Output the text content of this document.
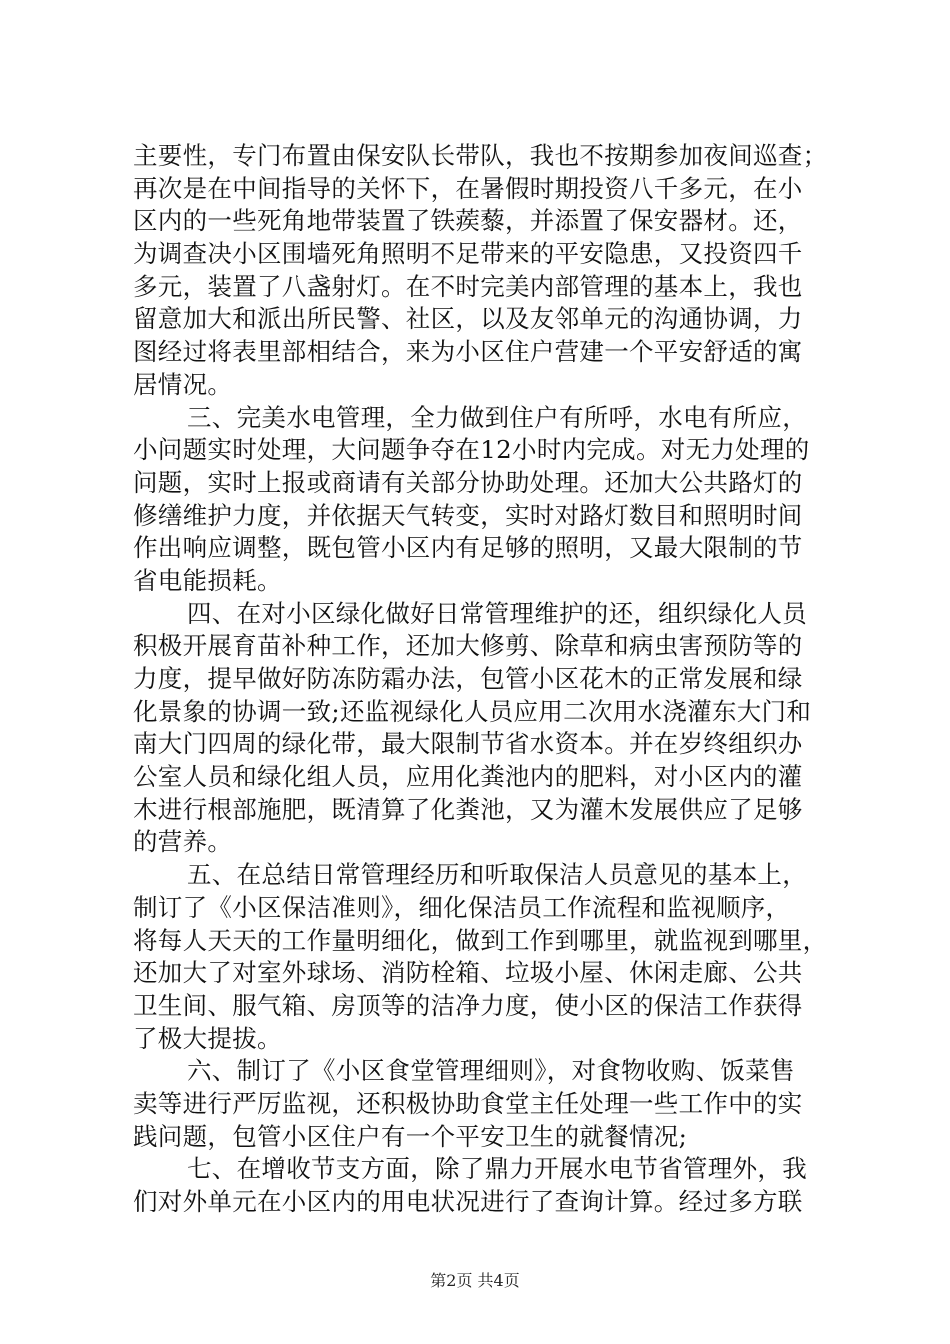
主要性，专门布置由保安队长带队，我也不按期参加夜间巡查；
再次是在中间指导的关怀下，在暑假时期投资八千多元，在小
区内的一些死角地带装置了铁蒺藜，并添置了保安器材。还，
为调查决小区围墙死角照明不足带来的平安隐患，又投资四千
多元，装置了八盏射灯。在不时完美内部管理的基本上，我也
留意加大和派出所民警、社区，以及友邻单元的沟通协调，力
图经过将表里部相结合，来为小区住户营建一个平安舒适的寓
居情况。
三、完美水电管理，全力做到住户有所呼，水电有所应，
小问题实时处理，大问题争夺在12小时内完成。对无力处理的
问题，实时上报或商请有关部分协助处理。还加大公共路灯的
修缮维护力度，并依据天气转变，实时对路灯数目和照明时间
作出响应调整，既包管小区内有足够的照明，又最大限制的节
省电能损耗。
四、在对小区绿化做好日常管理维护的还，组织绿化人员
积极开展育苗补种工作，还加大修剪、除草和病虫害预防等的
力度，提早做好防冻防霜办法，包管小区花木的正常发展和绿
化景象的协调一致;还监视绿化人员应用二次用水浇灌东大门和
南大门四周的绿化带，最大限制节省水资本。并在岁终组织办
公室人员和绿化组人员，应用化粪池内的肥料，对小区内的灌
木进行根部施肥，既清算了化粪池，又为灌木发展供应了足够
的营养。
五、在总结日常管理经历和听取保洁人员意见的基本上，
制订了《小区保洁准则》，细化保洁员工作流程和监视顺序，
将每人天天的工作量明细化，做到工作到哪里，就监视到哪里，
还加大了对室外球场、消防栓箱、垃圾小屋、休闲走廊、公共
卫生间、服气箱、房顶等的洁净力度，使小区的保洁工作获得
了极大提拔。
六、制订了《小区食堂管理细则》，对食物收购、饭菜售
卖等进行严厉监视，还积极协助食堂主任处理一些工作中的实
践问题，包管小区住户有一个平安卫生的就餐情况;
七、在增收节支方面，除了鼎力开展水电节省管理外，我
们对外单元在小区内的用电状况进行了查询计算。经过多方联
第2页 共4页
